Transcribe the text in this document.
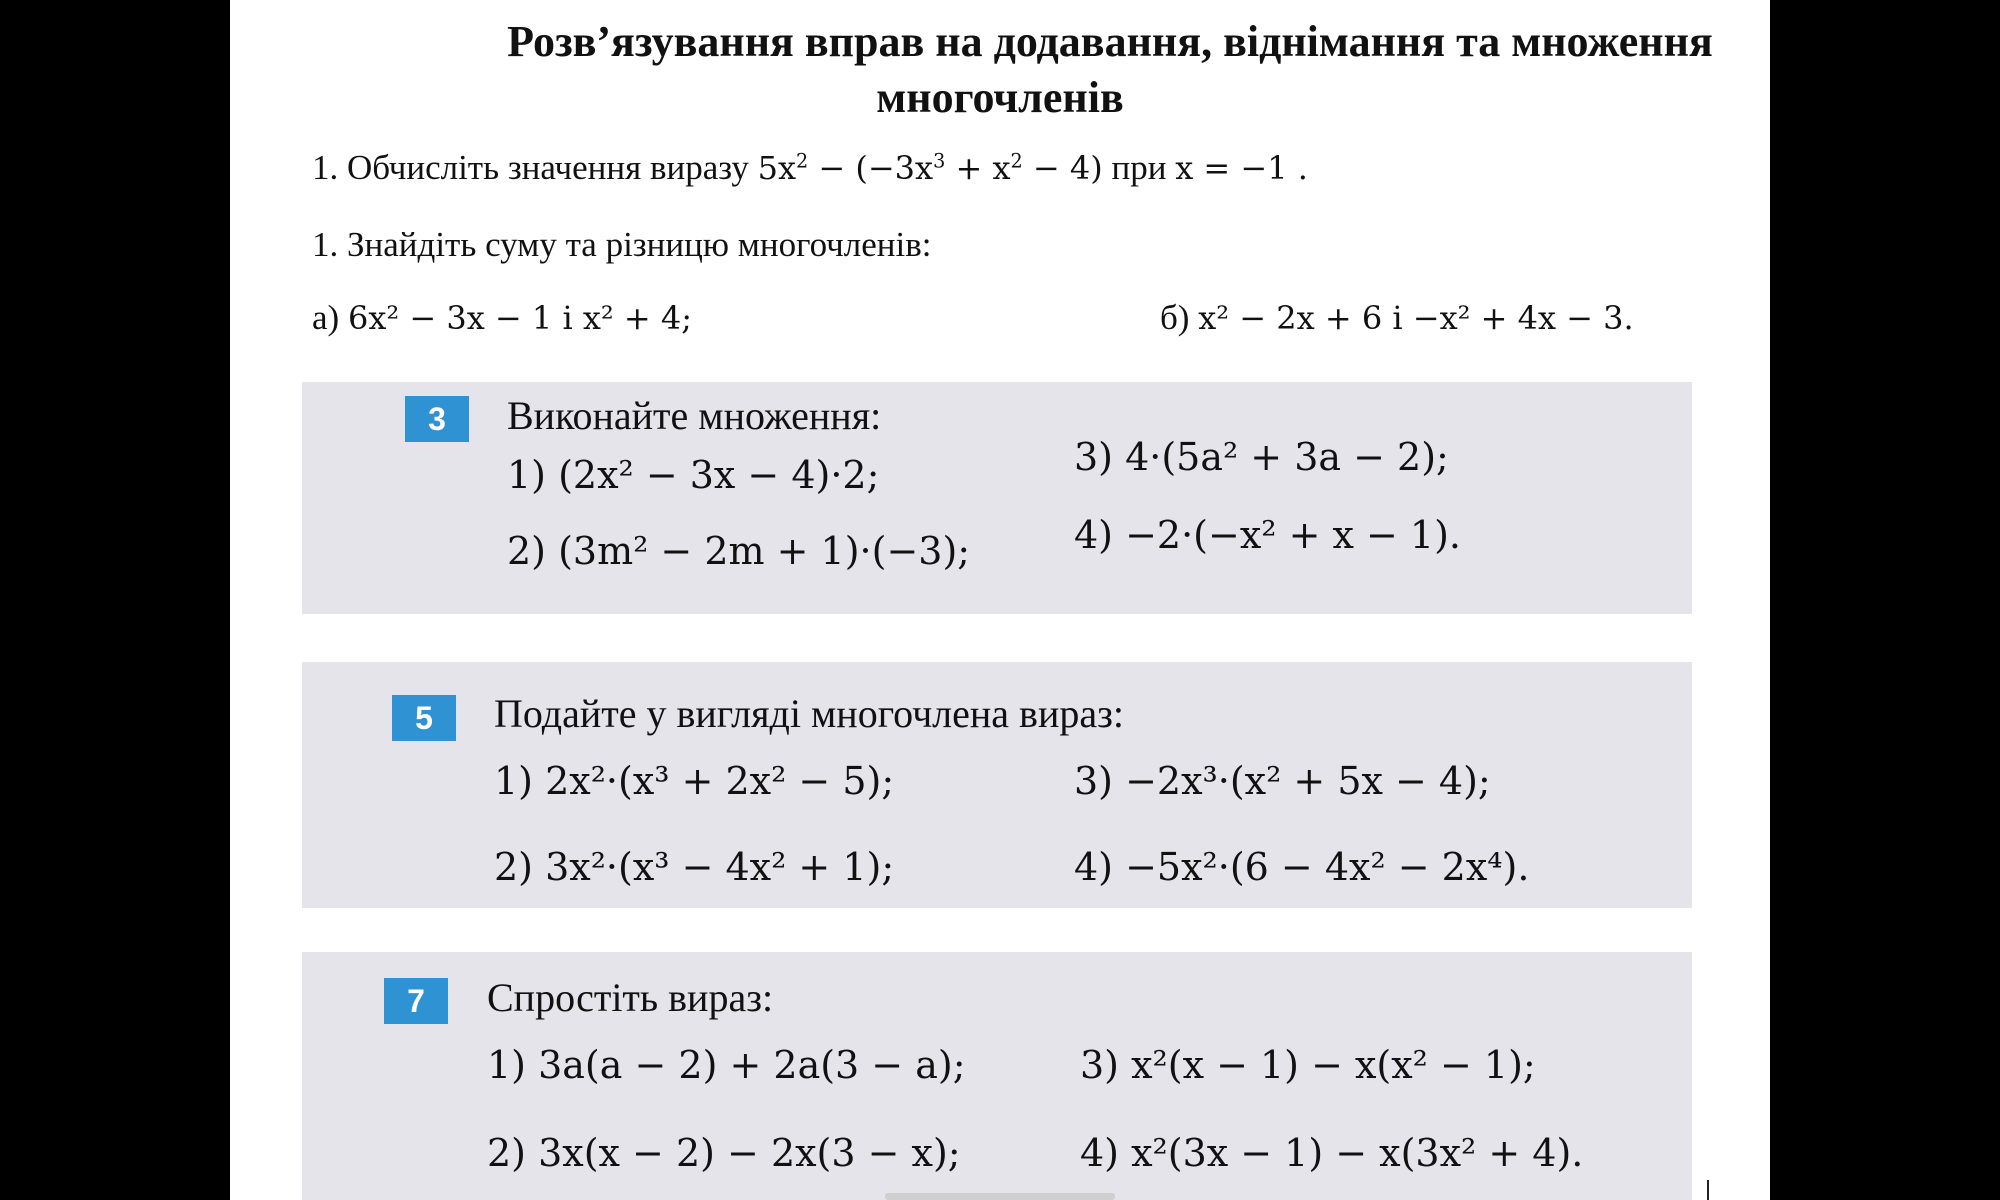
Розв’язування вправ на додавання, віднімання та множення
многочленів
1. Обчисліть значення виразу $5x^2 - (-3x^3 + x^2 - 4)$ при x = −1 .
1. Знайдіть суму та різницю многочленів:
а) 6x² − 3x − 1 і x² + 4;	б) x² − 2x + 6 і −x² + 4x − 3.
3	Виконайте множення:
1) (2x² − 3x − 4)·2;
2) (3m² − 2m + 1)·(−3);
3) 4·(5a² + 3a − 2);
4) −2·(−x² + x − 1).
5	Подайте у вигляді многочлена вираз:
1) 2x²·(x³ + 2x² − 5);
2) 3x²·(x³ − 4x² + 1);
3) −2x³·(x² + 5x − 4);
4) −5x²·(6 − 4x² − 2x⁴).
7	Спростіть вираз:
1) 3a(a − 2) + 2a(3 − a);
2) 3x(x − 2) − 2x(3 − x);
3) x²(x − 1) − x(x² − 1);
4) x²(3x − 1) − x(3x² + 4).
